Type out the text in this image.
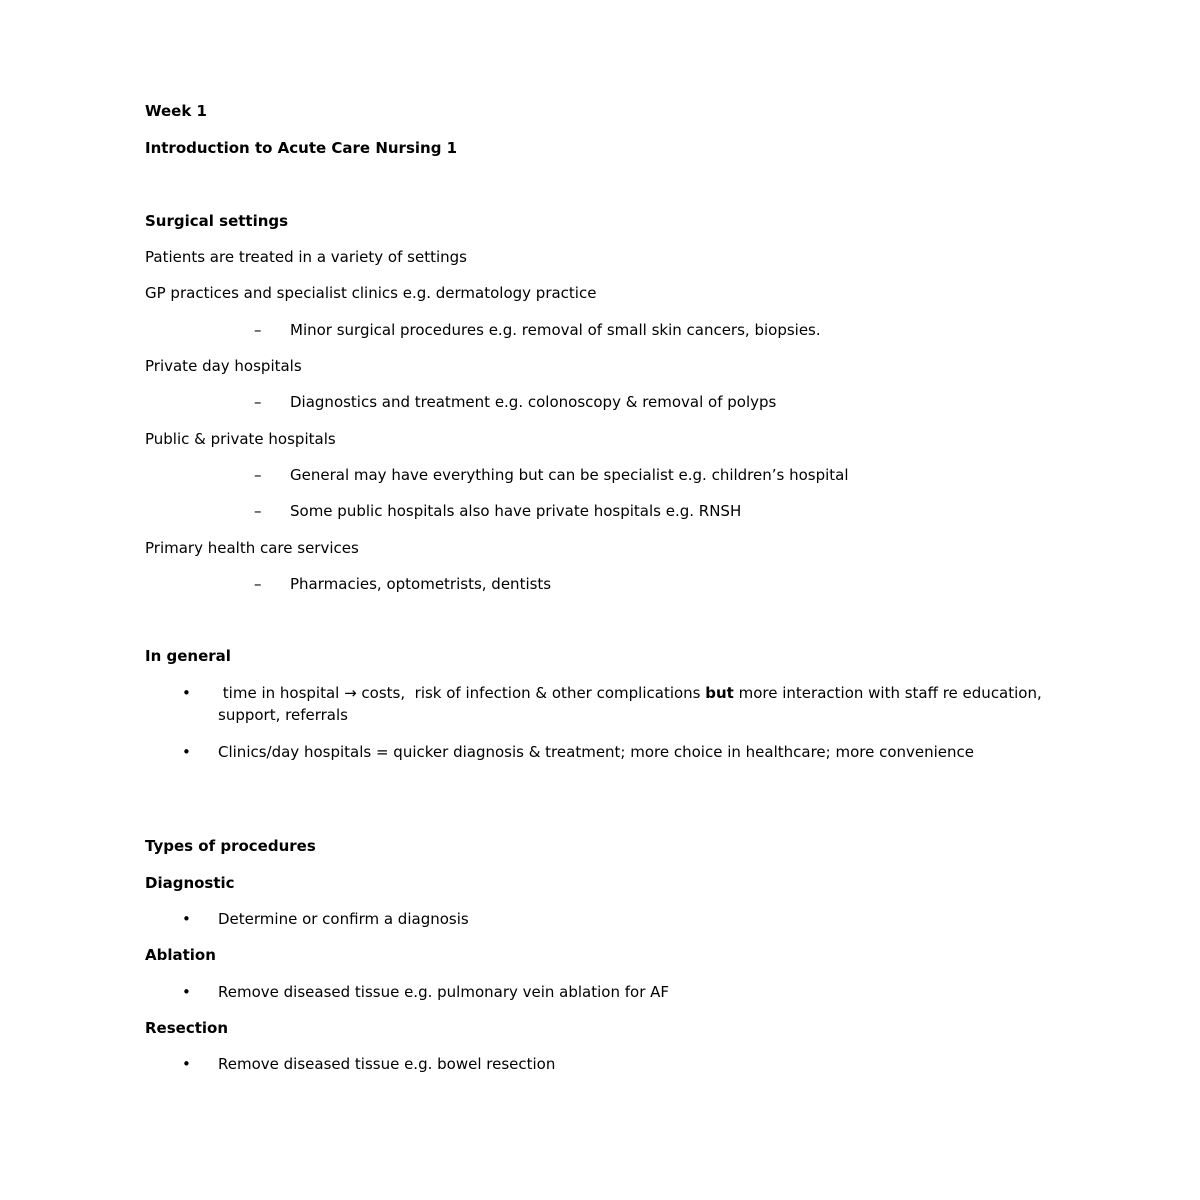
Week 1
Introduction to Acute Care Nursing 1
Surgical settings
Patients are treated in a variety of settings
GP practices and specialist clinics e.g. dermatology practice
– Minor surgical procedures e.g. removal of small skin cancers, biopsies.
Private day hospitals
– Diagnostics and treatment e.g. colonoscopy & removal of polyps
Public & private hospitals
– General may have everything but can be specialist e.g. children’s hospital
– Some public hospitals also have private hospitals e.g. RNSH
Primary health care services
– Pharmacies, optometrists, dentists
In general
• time in hospital → costs,  risk of infection & other complications but more interaction with staff re education, support, referrals
• Clinics/day hospitals = quicker diagnosis & treatment; more choice in healthcare; more convenience
Types of procedures
Diagnostic
• Determine or confirm a diagnosis
Ablation
• Remove diseased tissue e.g. pulmonary vein ablation for AF
Resection
• Remove diseased tissue e.g. bowel resection
